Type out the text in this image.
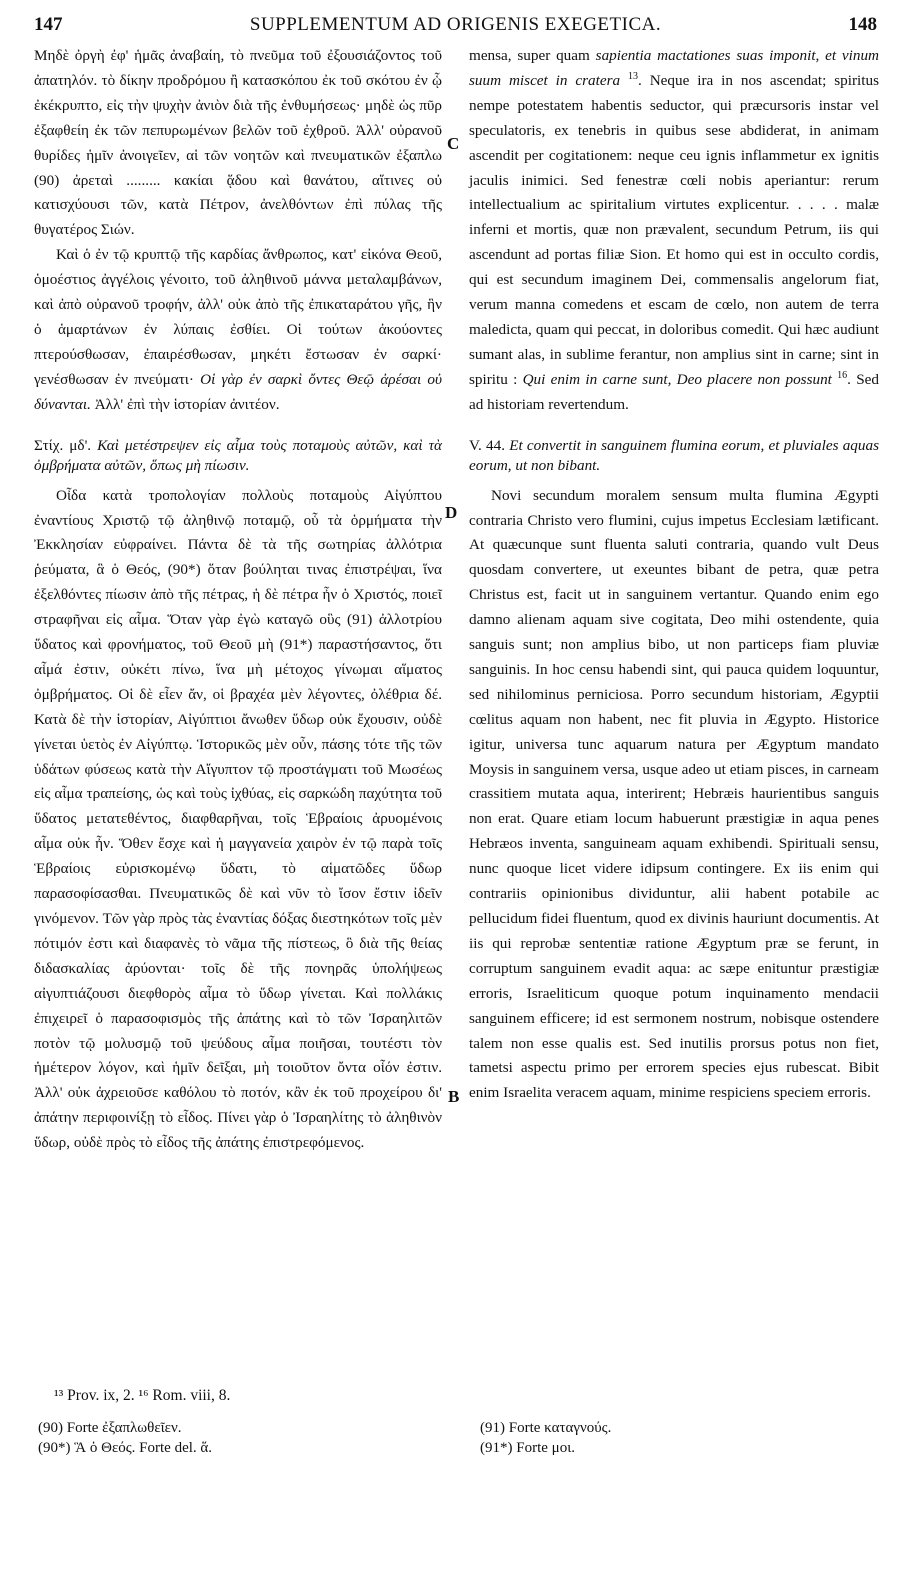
147	SUPPLEMENTUM AD ORIGENIS EXEGETICA.	148

Μηδὲ ὀργὴ ἐφ' ἡμᾶς ἀναβαίη, τὸ πνεῦμα τοῦ ἐξουσιάζοντος τοῦ ἀπατηλόν. τὸ δίκην προδρόμου ἢ κατασκόπου ἐκ τοῦ σκότου ἐν ᾧ ἐκέκρυπτο, εἰς τὴν ψυχὴν ἀνιὸν διὰ τῆς ἐνθυμήσεως· μηδὲ ὡς πῦρ ἐξαφθείη ἐκ τῶν πεπυρωμένων βελῶν τοῦ ἐχθροῦ. Ἀλλ' οὐρανοῦ θυρίδες ἡμῖν ἀνοιγεῖεν, αἱ τῶν νοητῶν καὶ πνευματικῶν ἐξαπλω (90) ἀρεταὶ ......... κακίαι ᾅδου καὶ θανάτου, αἵτινες οὐ κατισχύουσι τῶν, κατὰ Πέτρον, ἀνελθόντων ἐπὶ πύλας τῆς θυγατέρος Σιών.

Καὶ ὁ ἐν τῷ κρυπτῷ τῆς καρδίας ἄνθρωπος, κατ' εἰκόνα Θεοῦ, ὁμοέστιος ἀγγέλοις γένοιτο, τοῦ ἀληθινοῦ μάννα μεταλαμβάνων, καὶ ἀπὸ οὐρανοῦ τροφήν, ἀλλ' οὐκ ἀπὸ τῆς ἐπικαταράτου γῆς, ἣν ὁ ἁμαρτάνων ἐν λύπαις ἐσθίει. Οἱ τούτων ἀκούοντες πτερούσθωσαν, ἐπαιρέσθωσαν, μηκέτι ἔστωσαν ἐν σαρκί· γενέσθωσαν ἐν πνεύματι· Οἱ γὰρ ἐν σαρκὶ ὄντες Θεῷ ἀρέσαι οὐ δύνανται. Ἀλλ' ἐπὶ τὴν ἱστορίαν ἀνιτέον.

Στίχ. μδ'. Καὶ μετέστρεψεν εἰς αἷμα τοὺς ποταμοὺς αὐτῶν, καὶ τὰ ὀμβρήματα αὐτῶν, ὅπως μὴ πίωσιν.

Οἶδα κατὰ τροπολογίαν πολλοὺς ποταμοὺς Αἰγύπτου ἐναντίους Χριστῷ τῷ ἀληθινῷ ποταμῷ, οὗ τὰ ὁρμήματα τὴν Ἐκκλησίαν εὐφραίνει. Πάντα δὲ τὰ τῆς σωτηρίας ἀλλότρια ῥεύματα, ἃ ὁ Θεός, (90*) ὅταν βούληται τινας ἐπιστρέψαι, ἵνα ἐξελθόντες πίωσιν ἀπὸ τῆς πέτρας, ἡ δὲ πέτρα ἦν ὁ Χριστός, ποιεῖ στραφῆναι εἰς αἷμα. Ὅταν γὰρ ἐγὼ καταγῶ οὓς (91) ἀλλοτρίου ὕδατος καὶ φρονήματος, τοῦ Θεοῦ μὴ (91*) παραστήσαντος, ὅτι αἷμά ἐστιν, οὐκέτι πίνω, ἵνα μὴ μέτοχος γίνωμαι αἵματος ὀμβρήματος. Οἱ δὲ εἶεν ἄν, οἱ βραχέα μὲν λέγοντες, ὀλέθρια δέ. Κατὰ δὲ τὴν ἱστορίαν, Αἰγύπτιοι ἄνωθεν ὕδωρ οὐκ ἔχουσιν, οὐδὲ γίνεται ὑετὸς ἐν Αἰγύπτῳ. Ἱστορικῶς μὲν οὖν, πάσης τότε τῆς τῶν ὑδάτων φύσεως κατὰ τὴν Αἴγυπτον τῷ προστάγματι τοῦ Μωσέως εἰς αἷμα τραπείσης, ὡς καὶ τοὺς ἰχθύας, εἰς σαρκώδη παχύτητα τοῦ ὕδατος μετατεθέντος, διαφθαρῆναι, τοῖς Ἑβραίοις ἀρυομένοις αἷμα οὐκ ἦν. Ὅθεν ἔσχε καὶ ἡ μαγγανεία χαιρὸν ἐν τῷ παρὰ τοῖς Ἑβραίοις εὑρισκομένῳ ὕδατι, τὸ αἱματῶδες ὕδωρ παρασοφίσασθαι. Πνευματικῶς δὲ καὶ νῦν τὸ ἴσον ἔστιν ἰδεῖν γινόμενον. Τῶν γὰρ πρὸς τὰς ἐναντίας δόξας διεστηκότων τοῖς μὲν πότιμόν ἐστι καὶ διαφανὲς τὸ νᾶμα τῆς πίστεως, ὃ διὰ τῆς θείας διδασκαλίας ἀρύονται· τοῖς δὲ τῆς πονηρᾶς ὑπολήψεως αἰγυπτιάζουσι διεφθορὸς αἷμα τὸ ὕδωρ γίνεται. Καὶ πολλάκις ἐπιχειρεῖ ὁ παρασοφισμὸς τῆς ἀπάτης καὶ τὸ τῶν Ἰσραηλιτῶν ποτὸν τῷ μολυσμῷ τοῦ ψεύδους αἷμα ποιῆσαι, τουτέστι τὸν ἡμέτερον λόγον, καὶ ἡμῖν δεῖξαι, μὴ τοιοῦτον ὄντα οἷόν ἐστιν. Ἀλλ' οὐκ ἀχρειοῦσε καθόλου τὸ ποτόν, κἂν ἐκ τοῦ προχείρου δι' ἀπάτην περιφοινίξῃ τὸ εἶδος. Πίνει γὰρ ὁ Ἰσραηλίτης τὸ ἀληθινὸν ὕδωρ, οὐδὲ πρὸς τὸ εἶδος τῆς ἀπάτης ἐπιστρεφόμενος.

mensa, super quam sapientia mactationes suas imponit, et vinum suum miscet in cratera $^{13}$. Neque ira in nos ascendat; spiritus nempe potestatem habentis seductor, qui præcursoris instar vel speculatoris, ex tenebris in quibus sese abdiderat, in animam ascendit per cogitationem: neque ceu ignis inflammetur ex ignitis jaculis inimici. Sed fenestræ cœli nobis aperiantur: rerum intellectualium ac spiritalium virtutes explicentur. . . . . malæ inferni et mortis, quæ non prævalent, secundum Petrum, iis qui ascendunt ad portas filiæ Sion. Et homo qui est in occulto cordis, qui est secundum imaginem Dei, commensalis angelorum fiat, verum manna comedens et escam de cœlo, non autem de terra maledicta, quam qui peccat, in doloribus comedit. Qui hæc audiunt sumant alas, in sublime ferantur, non amplius sint in carne; sint in spiritu : Qui enim in carne sunt, Deo placere non possunt $^{16}$. Sed ad historiam revertendum.

V. 44. Et convertit in sanguinem flumina eorum, et pluviales aquas eorum, ut non bibant.

Novi secundum moralem sensum multa flumina Ægypti contraria Christo vero flumini, cujus impetus Ecclesiam lætificant. At quæcunque sunt fluenta saluti contraria, quando vult Deus quosdam convertere, ut exeuntes bibant de petra, quæ petra Christus est, facit ut in sanguinem vertantur. Quando enim ego damno alienam aquam sive cogitata, Deo mihi ostendente, quia sanguis sunt; non amplius bibo, ut non particeps fiam pluviæ sanguinis. In hoc censu habendi sint, qui pauca quidem loquuntur, sed nihilominus perniciosa. Porro secundum historiam, Ægyptii cœlitus aquam non habent, nec fit pluvia in Ægypto. Historice igitur, universa tunc aquarum natura per Ægyptum mandato Moysis in sanguinem versa, usque adeo ut etiam pisces, in carneam crassitiem mutata aqua, interirent; Hebræis haurientibus sanguis non erat. Quare etiam locum habuerunt præstigiæ in aqua penes Hebræos inventa, sanguineam aquam exhibendi. Spirituali sensu, nunc quoque licet videre idipsum contingere. Ex iis enim qui contrariis opinionibus dividuntur, alii habent potabile ac pellucidum fidei fluentum, quod ex divinis hauriunt documentis. At iis qui reprobæ sententiæ ratione Ægyptum præ se ferunt, in corruptum sanguinem evadit aqua: ac sæpe enituntur præstigiæ erroris, Israeliticum quoque potum inquinamento mendacii sanguinem efficere; id est sermonem nostrum, nobisque ostendere talem non esse qualis est. Sed inutilis prorsus potus non fiet, tametsi aspectu primo per errorem species ejus rubescat. Bibit enim Israelita veracem aquam, minime respiciens speciem erroris.

C
D
B
¹³ Prov. ix, 2. ¹⁶ Rom. viii, 8.
(90) Forte ἐξαπλωθεῖεν.
(90*) Ἃ ὁ Θεός. Forte del. ἅ.
(91) Forte καταγνούς.
(91*) Forte μοι.
